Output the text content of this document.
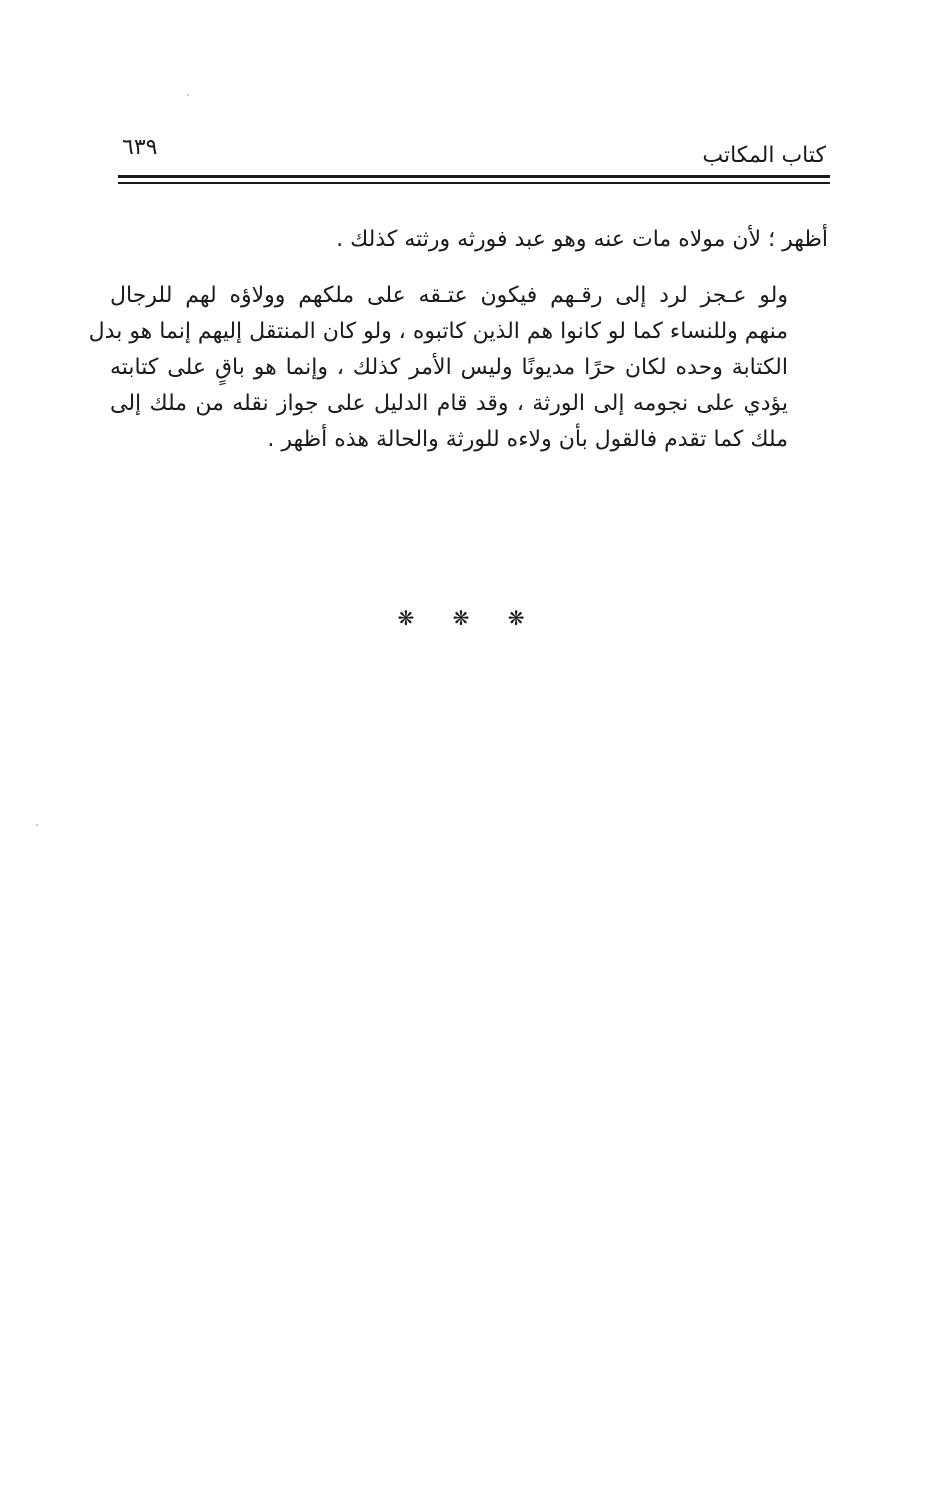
كتاب المكاتب
٦٣٩

أظهر ؛ لأن مولاه مات عنه وهو عبد فورثه ورثته كذلك .

ولو عـجز لرد إلى رقـهم فيكون عتـقه على ملكهم وولاؤه لهم للرجال
منهم وللنساء كما لو كانوا هم الذين كاتبوه ، ولو كان المنتقل إليهم إنما هو بدل
الكتابة وحده لكان حرًا مديونًا وليس الأمر كذلك ، وإنما هو باقٍ على كتابته
يؤدي على نجومه إلى الورثة ، وقد قام الدليل على جواز نقله من ملك إلى
ملك كما تقدم فالقول بأن ولاءه للورثة والحالة هذه أظهر .

❋ ❋ ❋
